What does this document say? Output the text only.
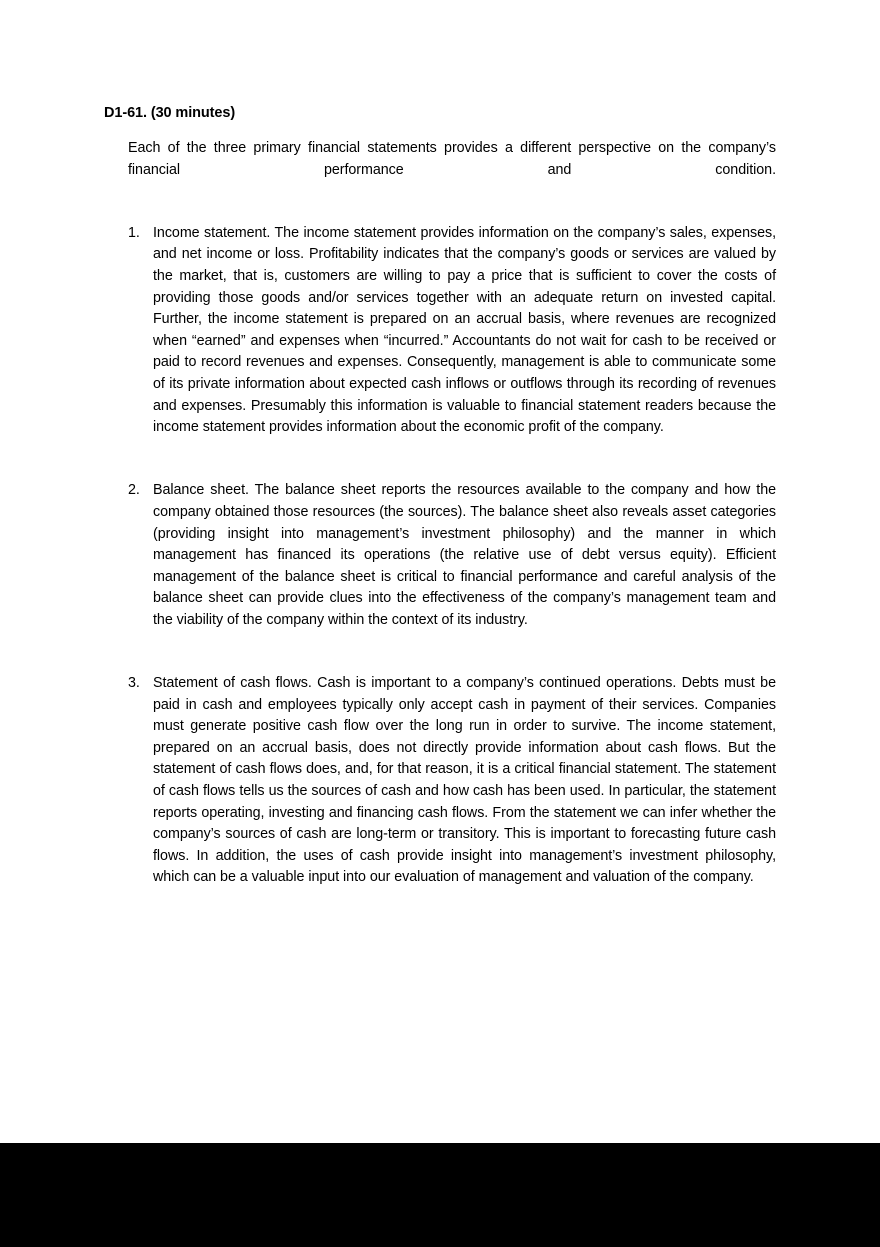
D1-61. (30 minutes)

Each of the three primary financial statements provides a different perspective on the company’s financial performance and condition.

1. Income statement. The income statement provides information on the company’s sales, expenses, and net income or loss. Profitability indicates that the company’s goods or services are valued by the market, that is, customers are willing to pay a price that is sufficient to cover the costs of providing those goods and/or services together with an adequate return on invested capital. Further, the income statement is prepared on an accrual basis, where revenues are recognized when “earned” and expenses when “incurred.” Accountants do not wait for cash to be received or paid to record revenues and expenses. Consequently, management is able to communicate some of its private information about expected cash inflows or outflows through its recording of revenues and expenses. Presumably this information is valuable to financial statement readers because the income statement provides information about the economic profit of the company.
2. Balance sheet. The balance sheet reports the resources available to the company and how the company obtained those resources (the sources). The balance sheet also reveals asset categories (providing insight into management’s investment philosophy) and the manner in which management has financed its operations (the relative use of debt versus equity). Efficient management of the balance sheet is critical to financial performance and careful analysis of the balance sheet can provide clues into the effectiveness of the company’s management team and the viability of the company within the context of its industry.
3. Statement of cash flows. Cash is important to a company’s continued operations. Debts must be paid in cash and employees typically only accept cash in payment of their services. Companies must generate positive cash flow over the long run in order to survive. The income statement, prepared on an accrual basis, does not directly provide information about cash flows. But the statement of cash flows does, and, for that reason, it is a critical financial statement. The statement of cash flows tells us the sources of cash and how cash has been used. In particular, the statement reports operating, investing and financing cash flows. From the statement we can infer whether the company’s sources of cash are long-term or transitory. This is important to forecasting future cash flows. In addition, the uses of cash provide insight into management’s investment philosophy, which can be a valuable input into our evaluation of management and valuation of the company.
